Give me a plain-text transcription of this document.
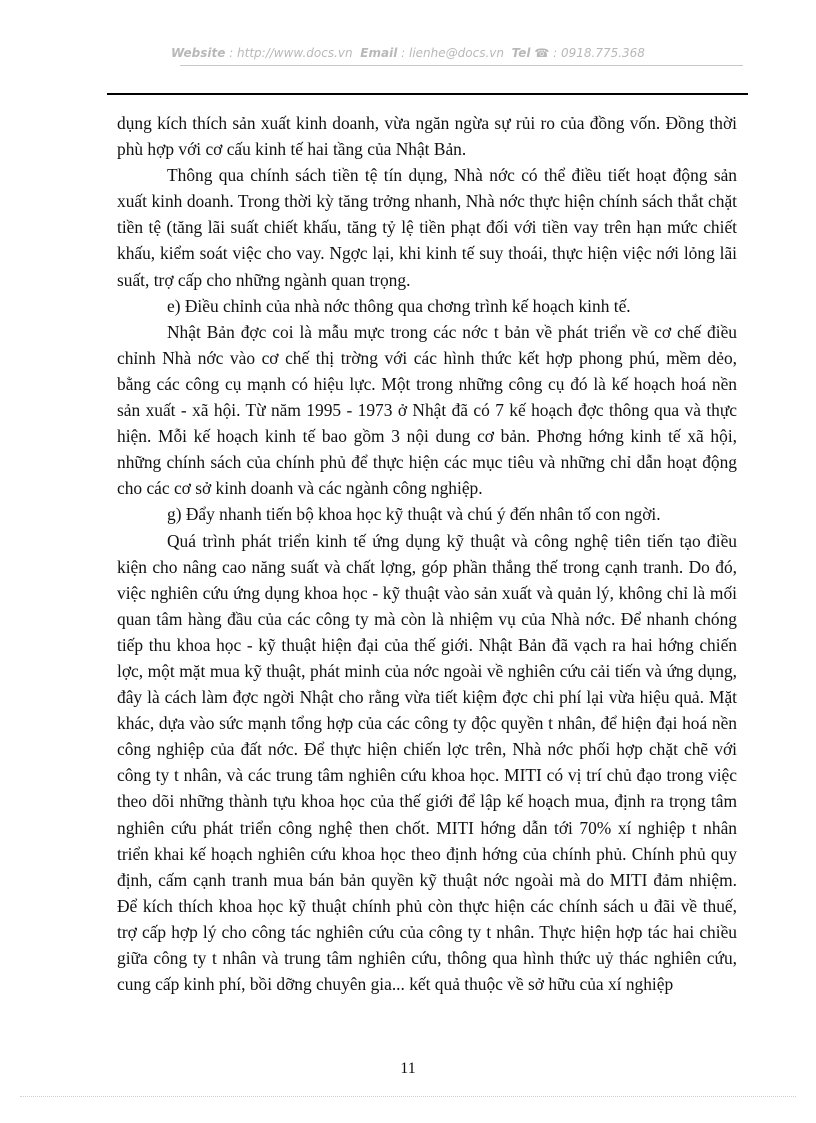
Website : http://www.docs.vn Email : lienhe@docs.vn Tel ☎ : 0918.775.368

dụng kích thích sản xuất kinh doanh, vừa ngăn ngừa sự rủi ro của đồng vốn. Đồng thời phù hợp với cơ cấu kinh tế hai tầng của Nhật Bản.

Thông qua chính sách tiền tệ tín dụng, Nhà nớc có thể điều tiết hoạt động sản xuất kinh doanh. Trong thời kỳ tăng trởng nhanh, Nhà nớc thực hiện chính sách thắt chặt tiền tệ (tăng lãi suất chiết khấu, tăng tỷ lệ tiền phạt đối với tiền vay trên hạn mức chiết khấu, kiểm soát việc cho vay. Ngợc lại, khi kinh tế suy thoái, thực hiện việc nới lỏng lãi suất, trợ cấp cho những ngành quan trọng.

e) Điều chỉnh của nhà nớc thông qua chơng trình kế hoạch kinh tế.

Nhật Bản đợc coi là mẫu mực trong các nớc t bản về phát triển về cơ chế điều chỉnh Nhà nớc vào cơ chế thị trờng với các hình thức kết hợp phong phú, mềm dẻo, bằng các công cụ mạnh có hiệu lực. Một trong những công cụ đó là kế hoạch hoá nền sản xuất - xã hội. Từ năm 1995 - 1973 ở Nhật đã có 7 kế hoạch đợc thông qua và thực hiện. Mỗi kế hoạch kinh tế bao gồm 3 nội dung cơ bản. Phơng hớng kinh tế xã hội, những chính sách của chính phủ để thực hiện các mục tiêu và những chỉ dẫn hoạt động cho các cơ sở kinh doanh và các ngành công nghiệp.

g) Đẩy nhanh tiến bộ khoa học kỹ thuật và chú ý đến nhân tố con ngời.

Quá trình phát triển kinh tế ứng dụng kỹ thuật và công nghệ tiên tiến tạo điều kiện cho nâng cao năng suất và chất lợng, góp phần thắng thế trong cạnh tranh. Do đó, việc nghiên cứu ứng dụng khoa học - kỹ thuật vào sản xuất và quản lý, không chỉ là mối quan tâm hàng đầu của các công ty mà còn là nhiệm vụ của Nhà nớc. Để nhanh chóng tiếp thu khoa học - kỹ thuật hiện đại của thế giới. Nhật Bản đã vạch ra hai hớng chiến lợc, một mặt mua kỹ thuật, phát minh của nớc ngoài về nghiên cứu cải tiến và ứng dụng, đây là cách làm đợc ngời Nhật cho rằng vừa tiết kiệm đợc chi phí lại vừa hiệu quả. Mặt khác, dựa vào sức mạnh tổng hợp của các công ty độc quyền t nhân, để hiện đại hoá nền công nghiệp của đất nớc. Để thực hiện chiến lợc trên, Nhà nớc phối hợp chặt chẽ với công ty t nhân, và các trung tâm nghiên cứu khoa học. MITI có vị trí chủ đạo trong việc theo dõi những thành tựu khoa học của thế giới để lập kế hoạch mua, định ra trọng tâm nghiên cứu phát triển công nghệ then chốt. MITI hớng dẫn tới 70% xí nghiệp t nhân triển khai kế hoạch nghiên cứu khoa học theo định hớng của chính phủ. Chính phủ quy định, cấm cạnh tranh mua bán bản quyền kỹ thuật nớc ngoài mà do MITI đảm nhiệm. Để kích thích khoa học kỹ thuật chính phủ còn thực hiện các chính sách u đãi về thuế, trợ cấp hợp lý cho công tác nghiên cứu của công ty t nhân. Thực hiện hợp tác hai chiều giữa công ty t nhân và trung tâm nghiên cứu, thông qua hình thức uỷ thác nghiên cứu, cung cấp kinh phí, bồi dỡng chuyên gia... kết quả thuộc về sở hữu của xí nghiệp

11
